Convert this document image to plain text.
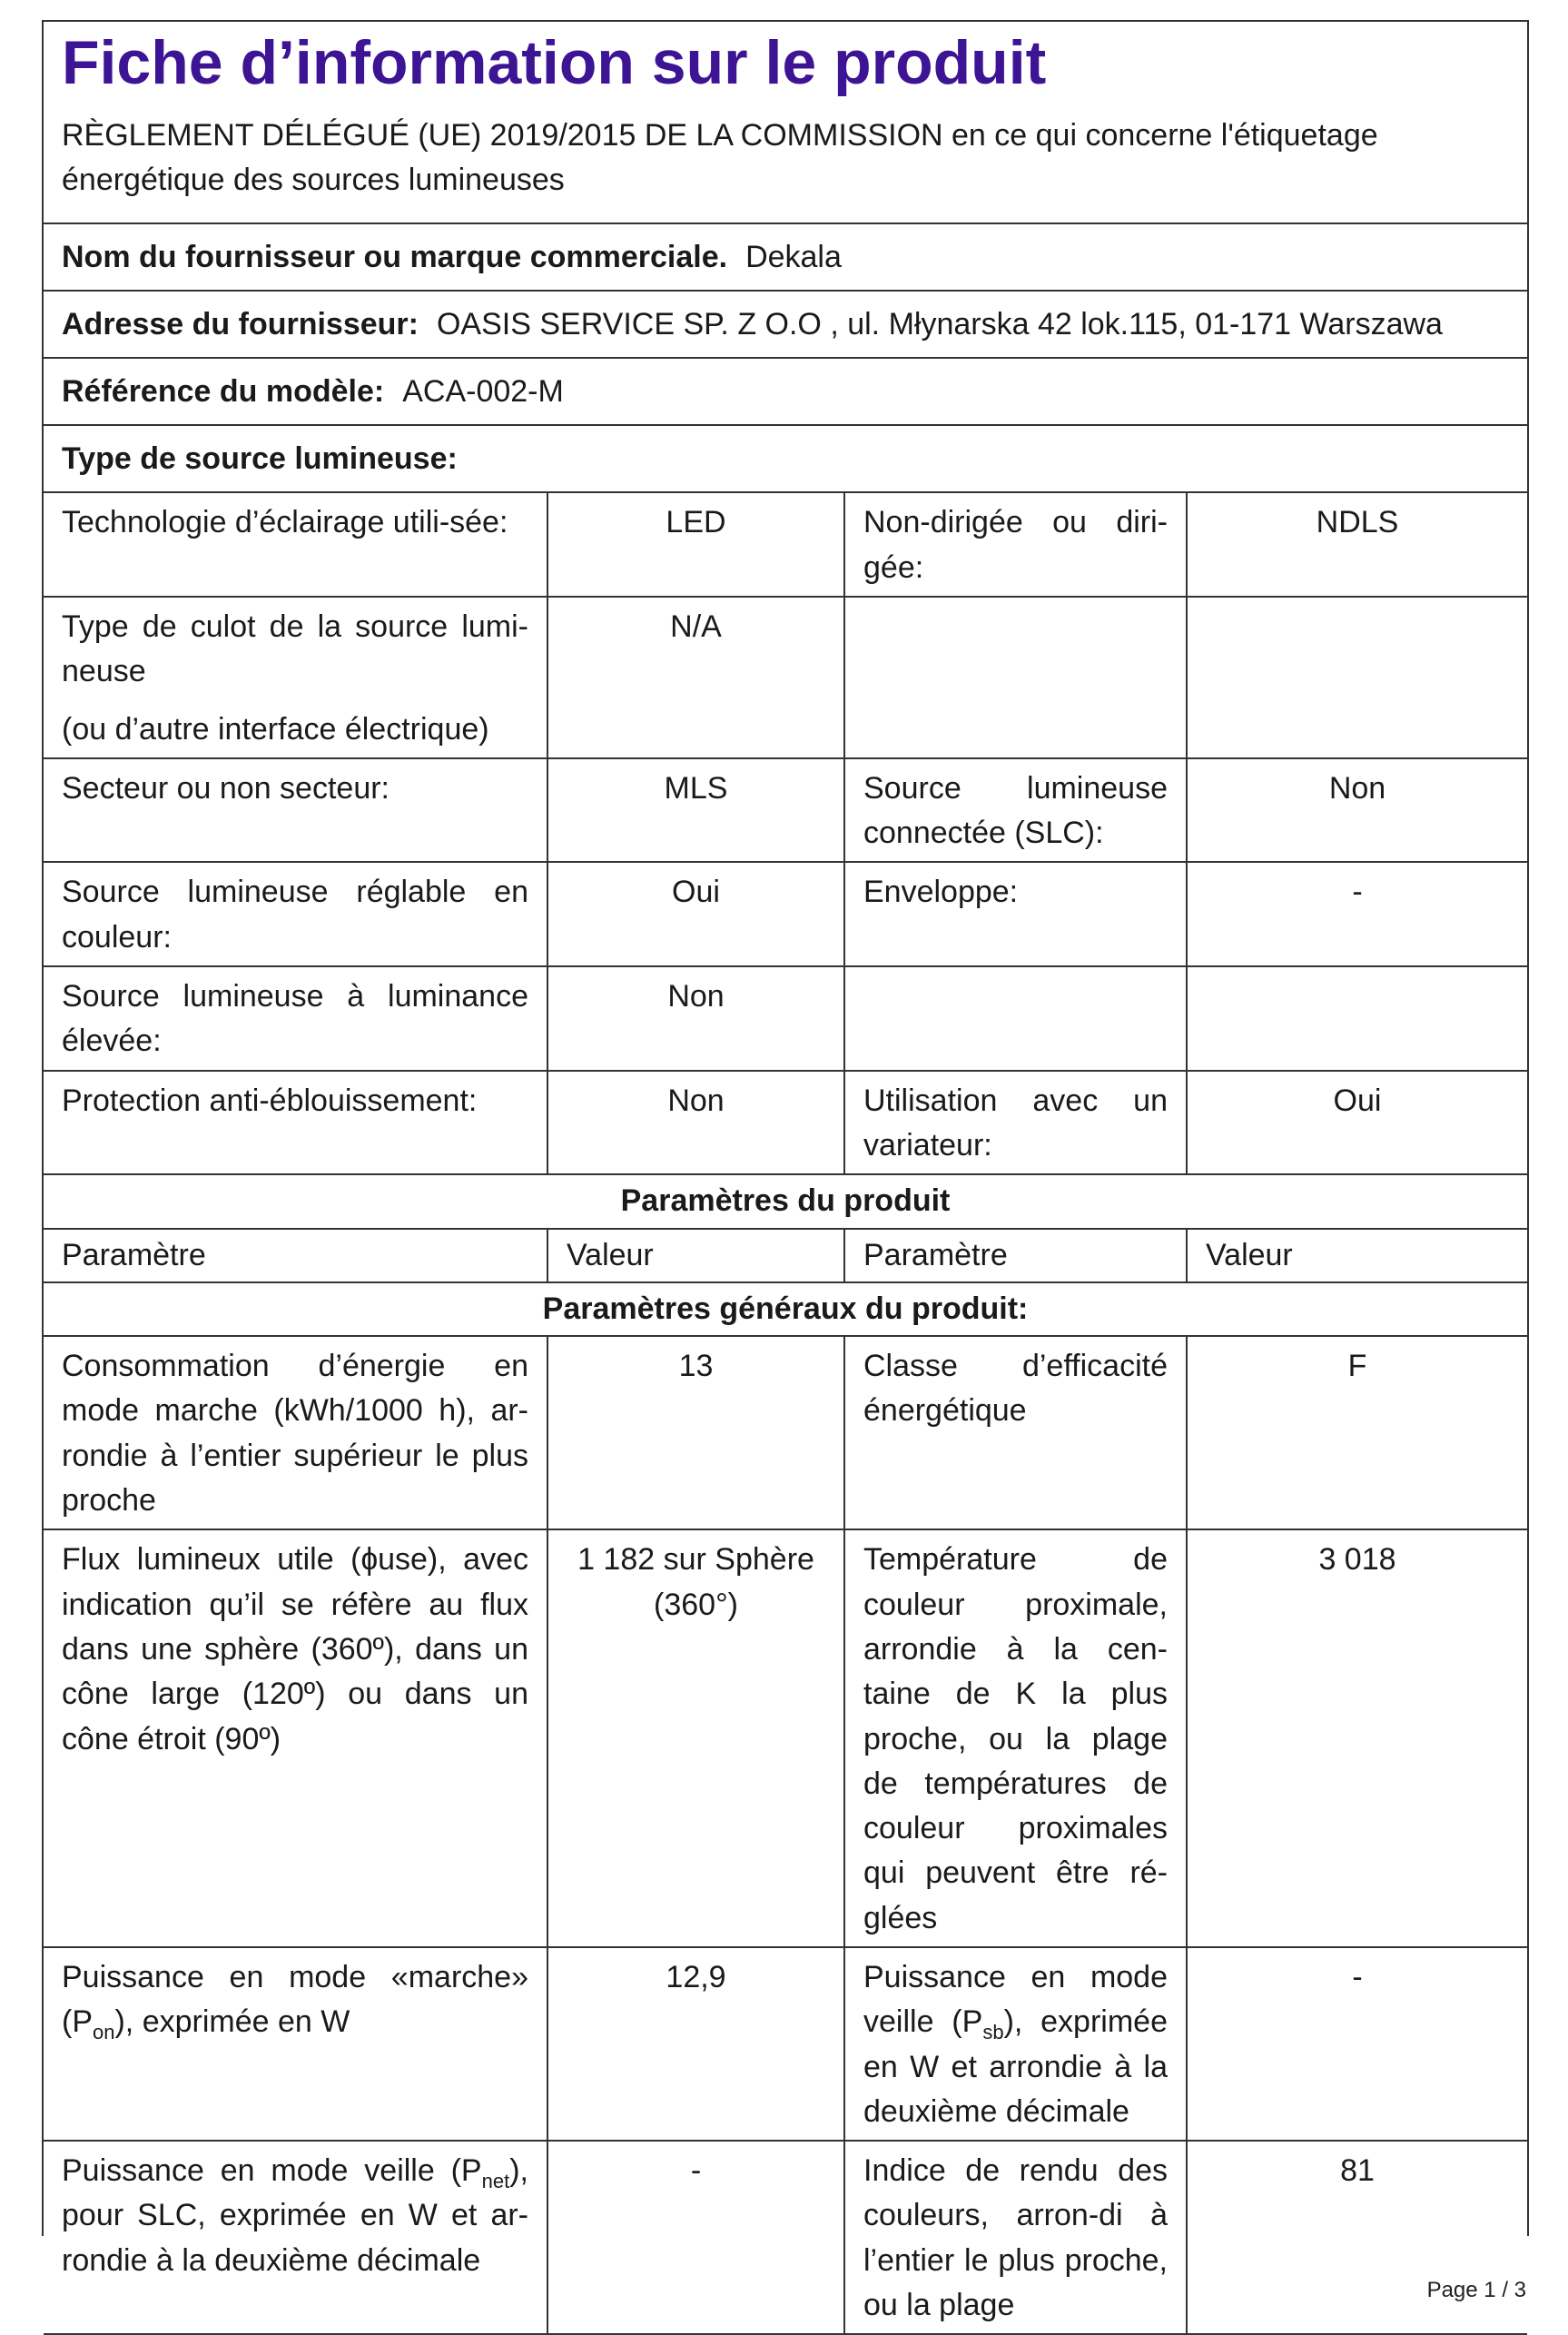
Fiche d’information sur le produit
RÈGLEMENT DÉLÉGUÉ (UE) 2019/2015 DE LA COMMISSION en ce qui concerne l'étiquetage énergétique des sources lumineuses
Nom du fournisseur ou marque commerciale. Dekala
Adresse du fournisseur: OASIS SERVICE SP. Z O.O , ul. Młynarska 42 lok.115, 01-171 Warszawa
Référence du modèle: ACA-002-M
Type de source lumineuse:
Technologie d’éclairage utili-sée:	LED	Non-dirigée ou diri-gée:	NDLS

Type de culot de la source lumi-neuse
(ou d’autre interface électrique)	N/A		
Secteur ou non secteur:	MLS	Source lumineuse connectée (SLC):	Non
Source lumineuse réglable en couleur:	Oui	Enveloppe:	-
Source lumineuse à luminance élevée:	Non		
Protection anti-éblouissement:	Non	Utilisation avec un variateur:	Oui
Paramètres du produit			
Paramètre	Valeur	Paramètre	Valeur
Paramètres généraux du produit:			
Consommation d’énergie en mode marche (kWh/1000 h), ar-rondie à l’entier supérieur le plus proche	13	Classe d’efficacité énergétique	F
Flux lumineux utile (ɸuse), avec indication qu’il se réfère au flux dans une sphère (360º), dans un cône large (120º) ou dans un cône étroit (90º)	1 182 sur Sphère (360°)	Température de couleur proximale, arrondie à la cen-taine de K la plus proche, ou la plage de températures de couleur proximales qui peuvent être ré-glées	3 018
Puissance en mode «marche» $(P_{on})$, exprimée en W	12,9	Puissance en mode veille $(P_{sb})$, exprimée en W et arrondie à la deuxième décimale	-
Puissance en mode veille $(P_{net})$, pour SLC, exprimée en W et ar-rondie à la deuxième décimale	-	Indice de rendu des couleurs, arron-di à l’entier le plus proche, ou la plage	81
Page 1 / 3
